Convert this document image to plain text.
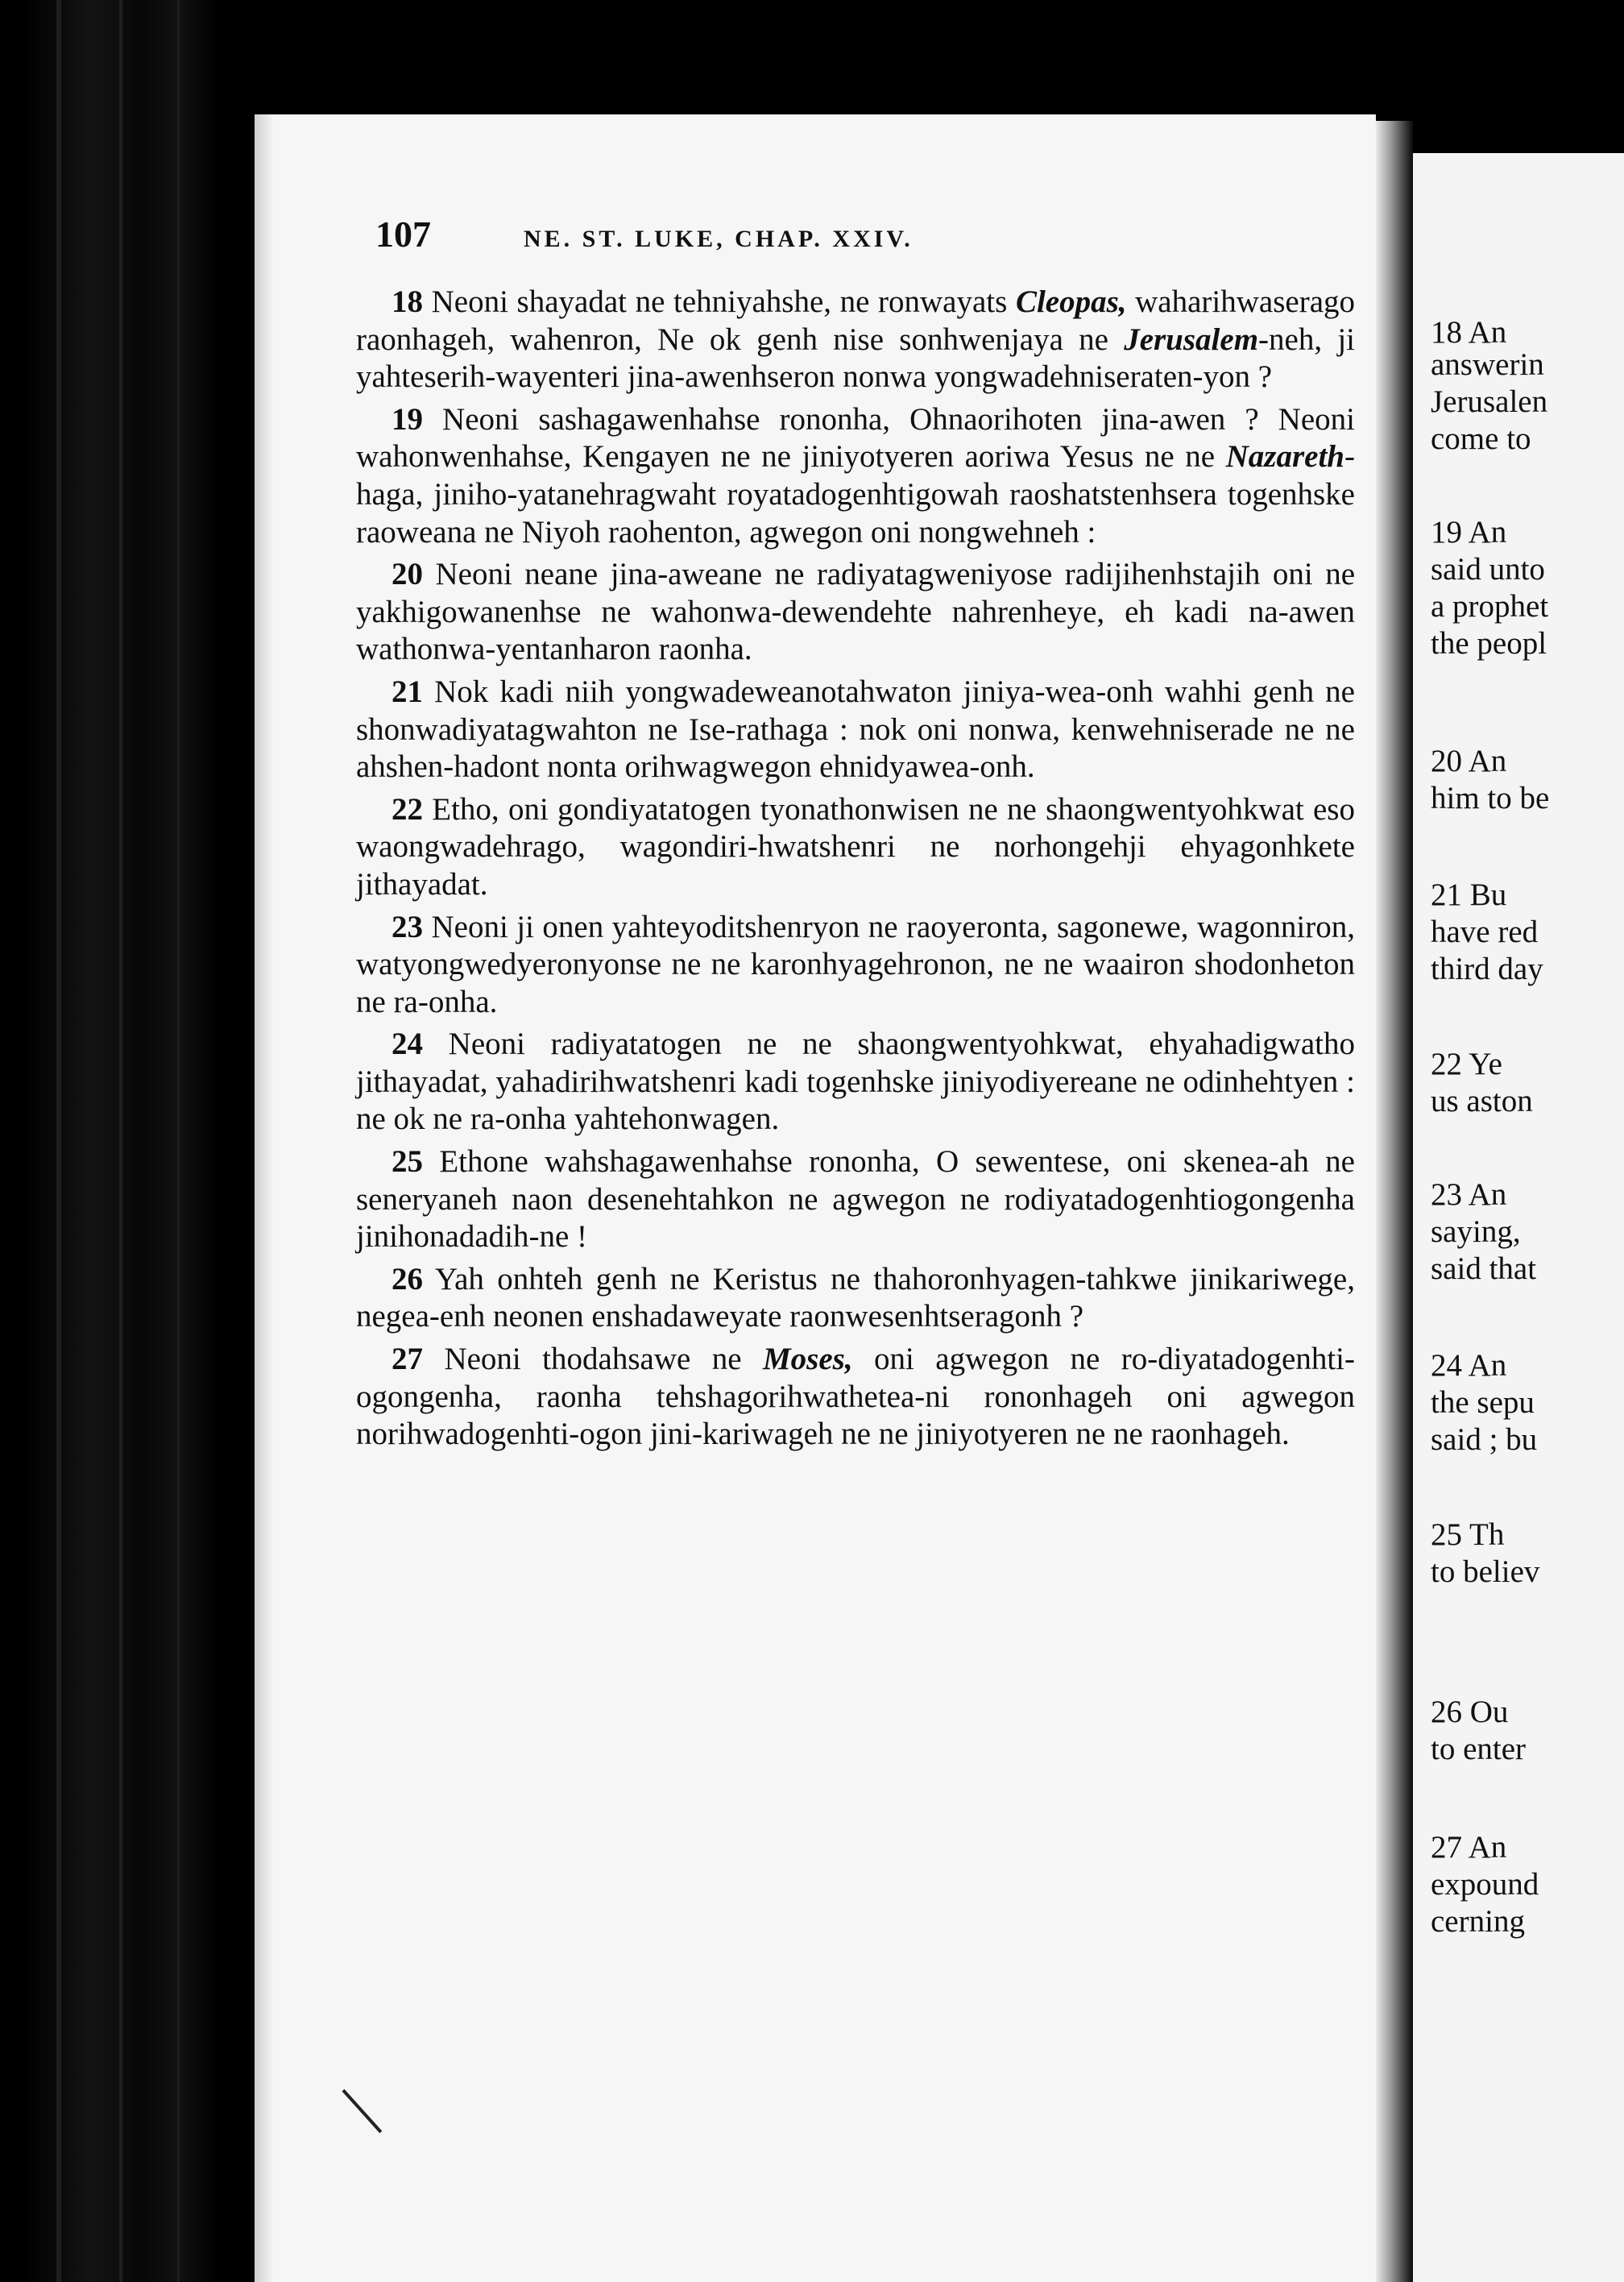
107	NE. ST. LUKE, CHAP. XXIV.

18 Neoni shayadat ne tehniyahshe, ne ronwayats Cleopas, waharihwaserago raonhageh, wahenron, Ne ok genh nise sonhwenjaya ne Jerusalem-neh, ji yahteserih-wayenteri jina-awenhseron nonwa yongwadehniseraten-yon ?

19 Neoni sashagawenhahse rononha, Ohnaorihoten jina-awen ? Neoni wahonwenhahse, Kengayen ne ne jiniyotyeren aoriwa Yesus ne ne Nazareth-haga, jiniho-yatanehragwaht royatadogenhtigowah raoshatstenhsera togenhske raoweana ne Niyoh raohenton, agwegon oni nongwehneh :

20 Neoni neane jina-aweane ne radiyatagweniyose radijihenhstajih oni ne yakhigowanenhse ne wahonwa-dewendehte nahrenheye, eh kadi na-awen wathonwa-yentanharon raonha.

21 Nok kadi niih yongwadeweanotahwaton jiniya-wea-onh wahhi genh ne shonwadiyatagwahton ne Ise-rathaga : nok oni nonwa, kenwehniserade ne ne ahshen-hadont nonta orihwagwegon ehnidyawea-onh.

22 Etho, oni gondiyatatogen tyonathonwisen ne ne shaongwentyohkwat eso waongwadehrago, wagondiri-hwatshenri ne norhongehji ehyagonhkete jithayadat.

23 Neoni ji onen yahteyoditshenryon ne raoyeronta, sagonewe, wagonniron, watyongwedyeronyonse ne ne karonhyagehronon, ne ne waairon shodonheton ne ra-onha.

24 Neoni radiyatatogen ne ne shaongwentyohkwat, ehyahadigwatho jithayadat, yahadirihwatshenri kadi togenhske jiniyodiyereane ne odinhehtyen : ne ok ne ra-onha yahtehonwagen.

25 Ethone wahshagawenhahse rononha, O sewentese, oni skenea-ah ne seneryaneh naon desenehtahkon ne agwegon ne rodiyatadogenhtiogongenha jinihonadadih-ne !

26 Yah onhteh genh ne Keristus ne thahoronhyagen-tahkwe jinikariwege, negea-enh neonen enshadaweyate raonwesenhtseragonh ?

27 Neoni thodahsawe ne Moses, oni agwegon ne ro-diyatadogenhti-ogongenha, raonha tehshagorihwathetea-ni rononhageh oni agwegon norihwadogenhti-ogon jini-kariwageh ne ne jiniyotyeren ne ne raonhageh.

18 An
answerin
Jerusalen
come to
19 An
said unto
a prophet
the peopl
20 An
him to be
21 Bu
have red
third day
22 Ye
us aston
23 An
saying,
said that
24 An
the sepu
said ; bu
25 Th
to believ
26 Ou
to enter
27 An
expound
cerning
